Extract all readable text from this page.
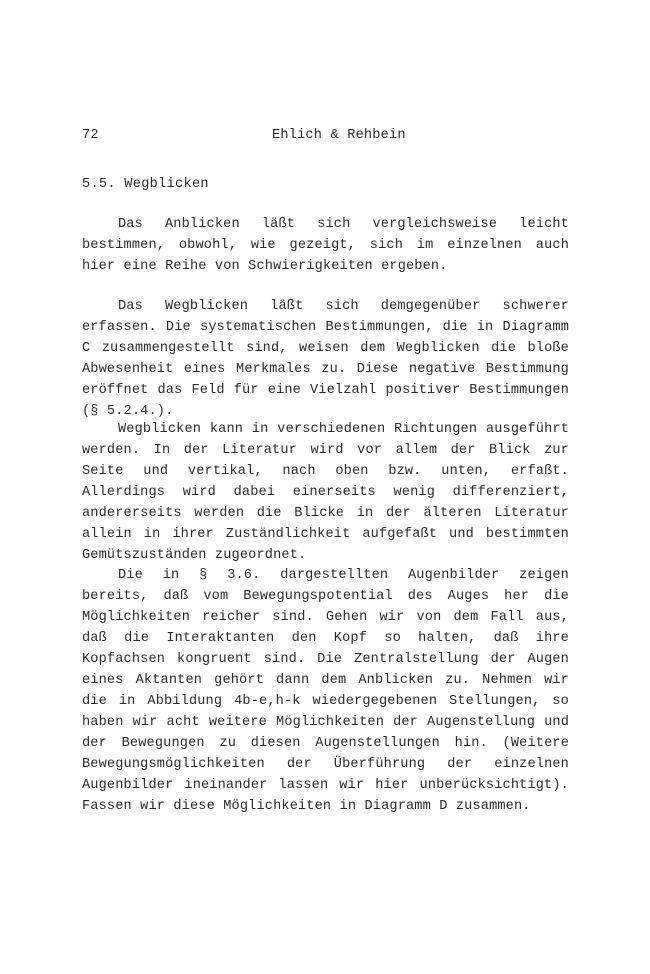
72	Ehlich & Rehbein
5.5. Wegblicken

Das Anblicken läßt sich vergleichsweise leicht bestimmen, obwohl, wie gezeigt, sich im einzelnen auch hier eine Reihe von Schwierigkeiten ergeben.

Das Wegblicken läßt sich demgegenüber schwerer erfassen. Die systematischen Bestimmungen, die in Diagramm C zusammengestellt sind, weisen dem Wegblicken die bloße Abwesenheit eines Merkmales zu. Diese negative Bestimmung eröffnet das Feld für eine Vielzahl positiver Bestimmungen (§ 5.2.4.).

Wegblicken kann in verschiedenen Richtungen ausgeführt werden. In der Literatur wird vor allem der Blick zur Seite und vertikal, nach oben bzw. unten, erfaßt. Allerdings wird dabei einerseits wenig differenziert, andererseits werden die Blicke in der älteren Literatur allein in ihrer Zuständlichkeit aufgefaßt und bestimmten Gemütszuständen zugeordnet.

Die in § 3.6. dargestellten Augenbilder zeigen bereits, daß vom Bewegungspotential des Auges her die Möglichkeiten reicher sind. Gehen wir von dem Fall aus, daß die Interaktanten den Kopf so halten, daß ihre Kopfachsen kongruent sind. Die Zentralstellung der Augen eines Aktanten gehört dann dem Anblicken zu. Nehmen wir die in Abbildung 4b-e,h-k wiedergegebenen Stellungen, so haben wir acht weitere Möglichkeiten der Augenstellung und der Bewegungen zu diesen Augenstellungen hin. (Weitere Bewegungsmöglichkeiten der Überführung der einzelnen Augenbilder ineinander lassen wir hier unberücksichtigt). Fassen wir diese Möglichkeiten in Diagramm D zusammen.
